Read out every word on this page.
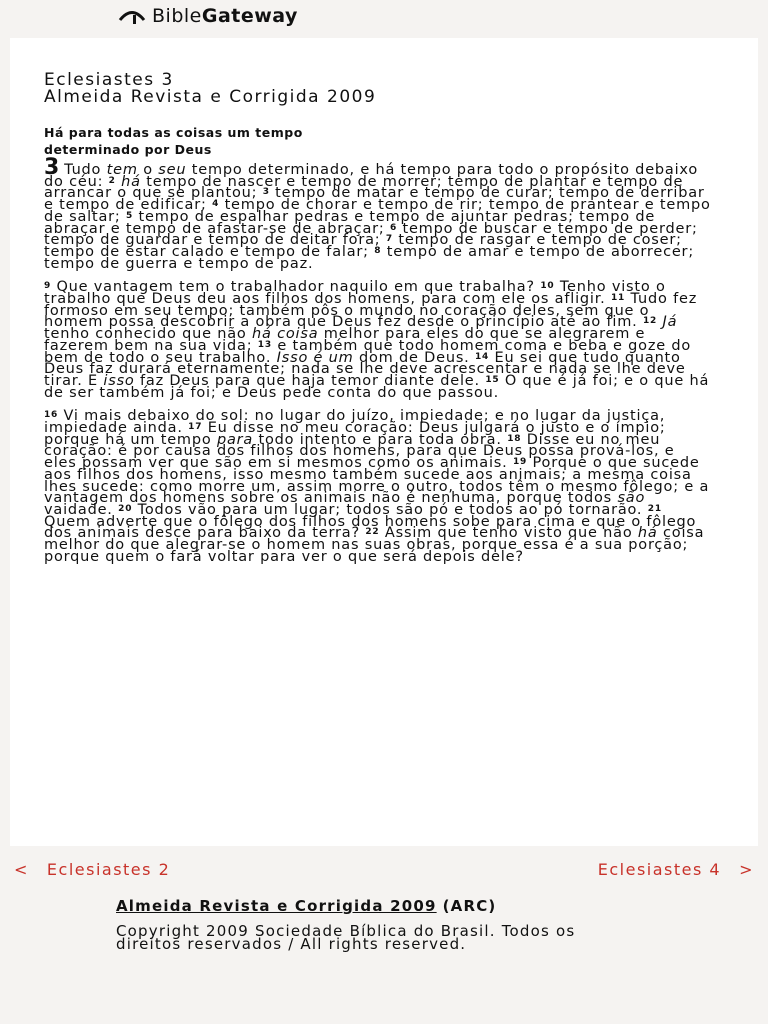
BibleGateway
Eclesiastes 3
Almeida Revista e Corrigida 2009
Há para todas as coisas um tempo
determinado por Deus

3 Tudo tem o seu tempo determinado, e há tempo para todo o propósito debaixo do céu: $^2$ há tempo de nascer e tempo de morrer; tempo de plantar e tempo de arrancar o que se plantou; $^3$ tempo de matar e tempo de curar; tempo de derribar e tempo de edificar; $^4$ tempo de chorar e tempo de rir; tempo de prantear e tempo de saltar; $^5$ tempo de espalhar pedras e tempo de ajuntar pedras; tempo de abraçar e tempo de afastar-se de abraçar; $^6$ tempo de buscar e tempo de perder; tempo de guardar e tempo de deitar fora; $^7$ tempo de rasgar e tempo de coser; tempo de estar calado e tempo de falar; $^8$ tempo de amar e tempo de aborrecer; tempo de guerra e tempo de paz.

$^9$ Que vantagem tem o trabalhador naquilo em que trabalha? $^{10}$ Tenho visto o trabalho que Deus deu aos filhos dos homens, para com ele os afligir. $^{11}$ Tudo fez formoso em seu tempo; também pôs o mundo no coração deles, sem que o homem possa descobrir a obra que Deus fez desde o princípio até ao fim. $^{12}$ Já tenho conhecido que não há coisa melhor para eles do que se alegrarem e fazerem bem na sua vida; $^{13}$ e também que todo homem coma e beba e goze do bem de todo o seu trabalho. Isso é um dom de Deus. $^{14}$ Eu sei que tudo quanto Deus faz durará eternamente; nada se lhe deve acrescentar e nada se lhe deve tirar. E isso faz Deus para que haja temor diante dele. $^{15}$ O que é já foi; e o que há de ser também já foi; e Deus pede conta do que passou.

$^{16}$ Vi mais debaixo do sol: no lugar do juízo, impiedade; e no lugar da justiça, impiedade ainda. $^{17}$ Eu disse no meu coração: Deus julgará o justo e o ímpio; porque há um tempo para todo intento e para toda obra. $^{18}$ Disse eu no meu coração: é por causa dos filhos dos homens, para que Deus possa prová-los, e eles possam ver que são em si mesmos como os animais. $^{19}$ Porque o que sucede aos filhos dos homens, isso mesmo também sucede aos animais; a mesma coisa lhes sucede: como morre um, assim morre o outro, todos têm o mesmo fôlego; e a vantagem dos homens sobre os animais não é nenhuma, porque todos são vaidade. $^{20}$ Todos vão para um lugar; todos são pó e todos ao pó tornarão. $^{21}$ Quem adverte que o fôlego dos filhos dos homens sobe para cima e que o fôlego dos animais desce para baixo da terra? $^{22}$ Assim que tenho visto que não há coisa melhor do que alegrar-se o homem nas suas obras, porque essa é a sua porção; porque quem o fará voltar para ver o que será depois dele?

< Eclesiastes 2	Eclesiastes 4 >
Almeida Revista e Corrigida 2009 (ARC)
Copyright 2009 Sociedade Bíblica do Brasil. Todos os direitos reservados / All rights reserved.
